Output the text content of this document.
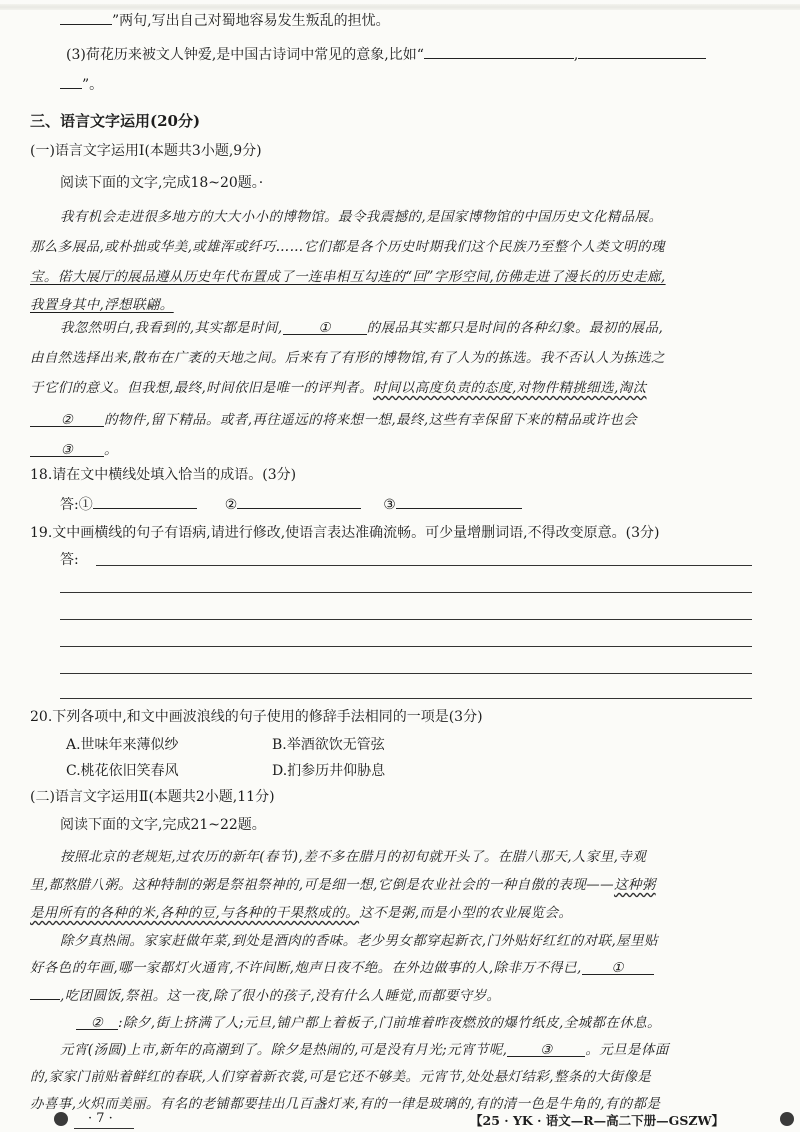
”两句,写出自己对蜀地容易发生叛乱的担忧。
(3)荷花历来被文人钟爱,是中国古诗词中常见的意象,比如“	,
”。
三、语言文字运用(20分)
(一)语言文字运用Ⅰ(本题共3小题,9分)
阅读下面的文字,完成18~20题。·
我有机会走进很多地方的大大小小的博物馆。最令我震撼的,是国家博物馆的中国历史文化精品展。
那么多展品,或朴拙或华美,或雄浑或纤巧……它们都是各个历史时期我们这个民族乃至整个人类文明的瑰
宝。偌大展厅的展品遵从历史年代布置成了一连串相互勾连的“回”字形空间,仿佛走进了漫长的历史走廊,
我置身其中,浮想联翩。
我忽然明白,我看到的,其实都是时间,	①	的展品其实都只是时间的各种幻象。最初的展品,
由自然选择出来,散布在广袤的天地之间。后来有了有形的博物馆,有了人为的拣选。我不否认人为拣选之
于它们的意义。但我想,最终,时间依旧是唯一的评判者。时间以高度负责的态度,对物件精挑细选,淘汰
② 的物件,留下精品。或者,再往遥远的将来想一想,最终,这些有幸保留下来的精品或许也会
③ 。
18.请在文中横线处填入恰当的成语。(3分)
答:①	②	③
19.文中画横线的句子有语病,请进行修改,使语言表达准确流畅。可少量增删词语,不得改变原意。(3分)
答:
20.下列各项中,和文中画波浪线的句子使用的修辞手法相同的一项是(3分)
A.世味年来薄似纱	B.举酒欲饮无管弦
C.桃花依旧笑春风	D.扪参历井仰胁息
(二)语言文字运用Ⅱ(本题共2小题,11分)
阅读下面的文字,完成21~22题。
按照北京的老规矩,过农历的新年(春节),差不多在腊月的初旬就开头了。在腊八那天,人家里,寺观
里,都熬腊八粥。这种特制的粥是祭祖祭神的,可是细一想,它倒是农业社会的一种自傲的表现——这种粥
是用所有的各种的米,各种的豆,与各种的干果熬成的。这不是粥,而是小型的农业展览会。
除夕真热闹。家家赶做年菜,到处是酒肉的香味。老少男女都穿起新衣,门外贴好红红的对联,屋里贴
好各色的年画,哪一家都灯火通宵,不许间断,炮声日夜不绝。在外边做事的人,除非万不得已, ①
,吃团圆饭,祭祖。这一夜,除了很小的孩子,没有什么人睡觉,而都要守岁。
② :除夕,街上挤满了人;元旦,铺户都上着板子,门前堆着昨夜燃放的爆竹纸皮,全城都在休息。
元宵(汤圆)上市,新年的高潮到了。除夕是热闹的,可是没有月光;元宵节呢, ③ 。元旦是体面
的,家家门前贴着鲜红的春联,人们穿着新衣裳,可是它还不够美。元宵节,处处悬灯结彩,整条的大街像是
办喜事,火炽而美丽。有名的老铺都要挂出几百盏灯来,有的一律是玻璃的,有的清一色是牛角的,有的都是
· 7 ·	【25 · YK · 语文—R—高二下册—GSZW】
